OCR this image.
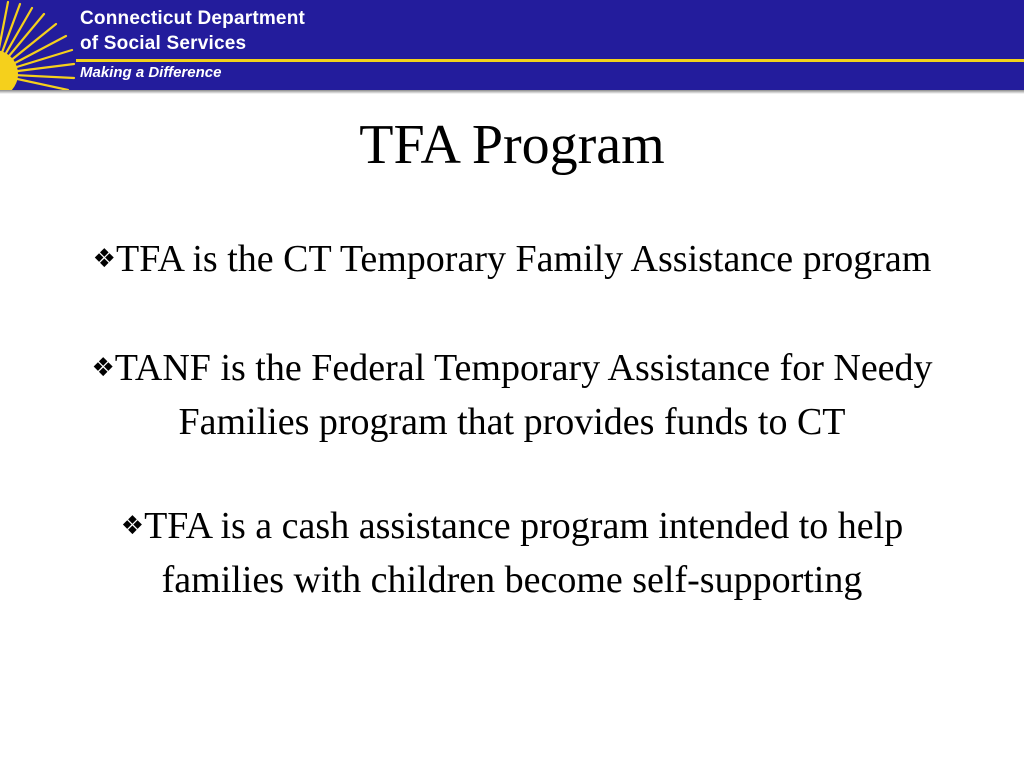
Connecticut Department
of Social Services
Making a Difference
TFA Program
❖TFA is the CT Temporary Family Assistance program
❖TANF is the Federal Temporary Assistance for Needy Families program that provides funds to CT
❖TFA is a cash assistance program intended to help families with children become self-supporting
